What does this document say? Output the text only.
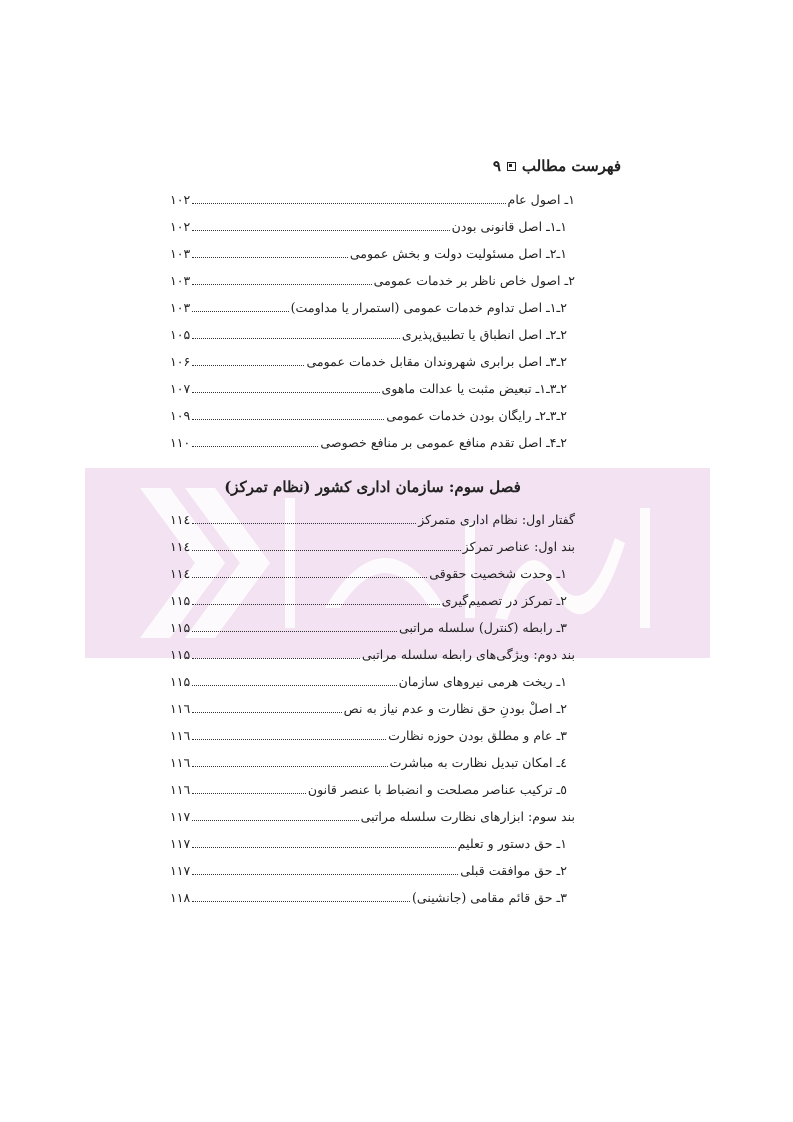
فهرست مطالب
۹
۱ـ اصول عام
۱۰۲
۱ـ۱ـ اصل قانونی بودن
۱۰۲
۱ـ۲ـ اصل مسئولیت دولت و بخش عمومی
۱۰۳
۲ـ اصول خاص ناظر بر خدمات عمومی
۱۰۳
۲ـ۱ـ اصل تداوم خدمات عمومی (استمرار یا مداومت)
۱۰۳
۲ـ۲ـ اصل انطباق یا تطبیق‌پذیری
۱۰۵
۲ـ۳ـ اصل برابری شهروندان مقابل خدمات عمومی
۱۰۶
۲ـ۳ـ۱ـ تبعیض مثبت یا عدالت ماهوی
۱۰۷
۲ـ۳ـ۲ـ رایگان بودن خدمات عمومی
۱۰۹
۲ـ۴ـ اصل تقدم منافع عمومی بر منافع خصوصی
۱۱۰
فصل سوم: سازمان اداری کشور (نظام تمرکز)
گفتار اول: نظام اداری متمرکز
۱۱٤
بند اول: عناصر تمرکز
۱۱٤
۱ـ وحدت شخصیت حقوقی
۱۱٤
۲ـ تمرکز در تصمیم‌گیری
۱۱۵
۳ـ رابطه (کنترل) سلسله مراتبی
۱۱۵
بند دوم: ویژگی‌های رابطه سلسله مراتبی
۱۱۵
۱ـ ریخت هرمی نیروهای سازمان
۱۱۵
۲ـ اصلْ بودنِ حق نظارت و عدم نیاز به نص
۱۱٦
۳ـ عام و مطلق بودن حوزه نظارت
۱۱٦
٤ـ امکان تبدیل نظارت به مباشرت
۱۱٦
٥ـ ترکیب عناصر مصلحت و انضباط با عنصر قانون
۱۱٦
بند سوم: ابزارهای نظارت سلسله مراتبی
۱۱۷
۱ـ حق دستور و تعلیم
۱۱۷
۲ـ حق موافقت قبلی
۱۱۷
۳ـ حق قائم مقامی (جانشینی)
۱۱۸
